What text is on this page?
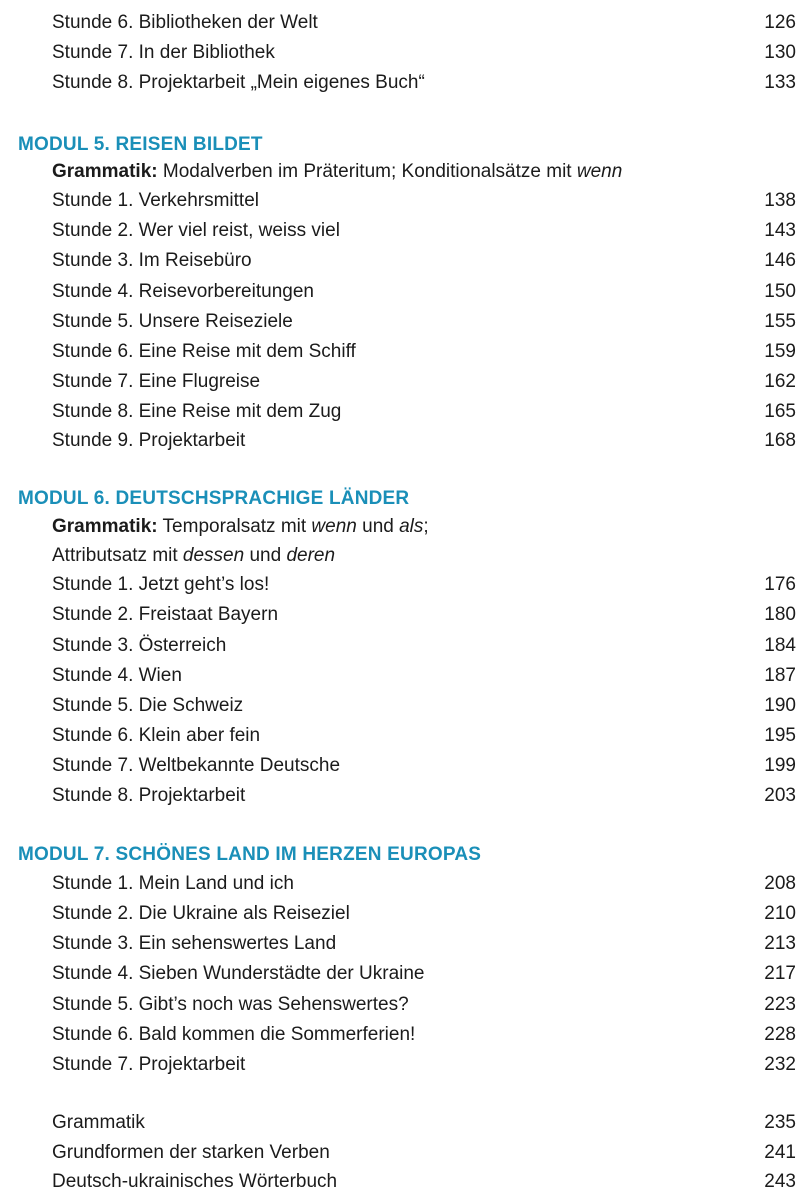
Stunde 6. Bibliotheken der Welt	126
Stunde 7. In der Bibliothek	130
Stunde 8. Projektarbeit „Mein eigenes Buch“	133
MODUL 5. REISEN BILDET
Grammatik: Modalverben im Präteritum; Konditionalsätze mit wenn
Stunde 1. Verkehrsmittel	138
Stunde 2. Wer viel reist, weiss viel	143
Stunde 3. Im Reisebüro	146
Stunde 4. Reisevorbereitungen	150
Stunde 5. Unsere Reiseziele	155
Stunde 6. Eine Reise mit dem Schiff	159
Stunde 7. Eine Flugreise	162
Stunde 8. Eine Reise mit dem Zug	165
Stunde 9. Projektarbeit	168
MODUL 6. DEUTSCHSPRACHIGE LÄNDER
Grammatik: Temporalsatz mit wenn und als;
Attributsatz mit dessen und deren
Stunde 1. Jetzt geht’s los!	176
Stunde 2. Freistaat Bayern	180
Stunde 3. Österreich	184
Stunde 4. Wien	187
Stunde 5. Die Schweiz	190
Stunde 6. Klein aber fein	195
Stunde 7. Weltbekannte Deutsche	199
Stunde 8. Projektarbeit	203
MODUL 7. SCHÖNES LAND IM HERZEN EUROPAS
Stunde 1. Mein Land und ich	208
Stunde 2. Die Ukraine als Reiseziel	210
Stunde 3. Ein sehenswertes Land	213
Stunde 4. Sieben Wunderstädte der Ukraine	217
Stunde 5. Gibt’s noch was Sehenswertes?	223
Stunde 6. Bald kommen die Sommerferien!	228
Stunde 7. Projektarbeit	232
Grammatik	235
Grundformen der starken Verben	241
Deutsch-ukrainisches Wörterbuch	243
